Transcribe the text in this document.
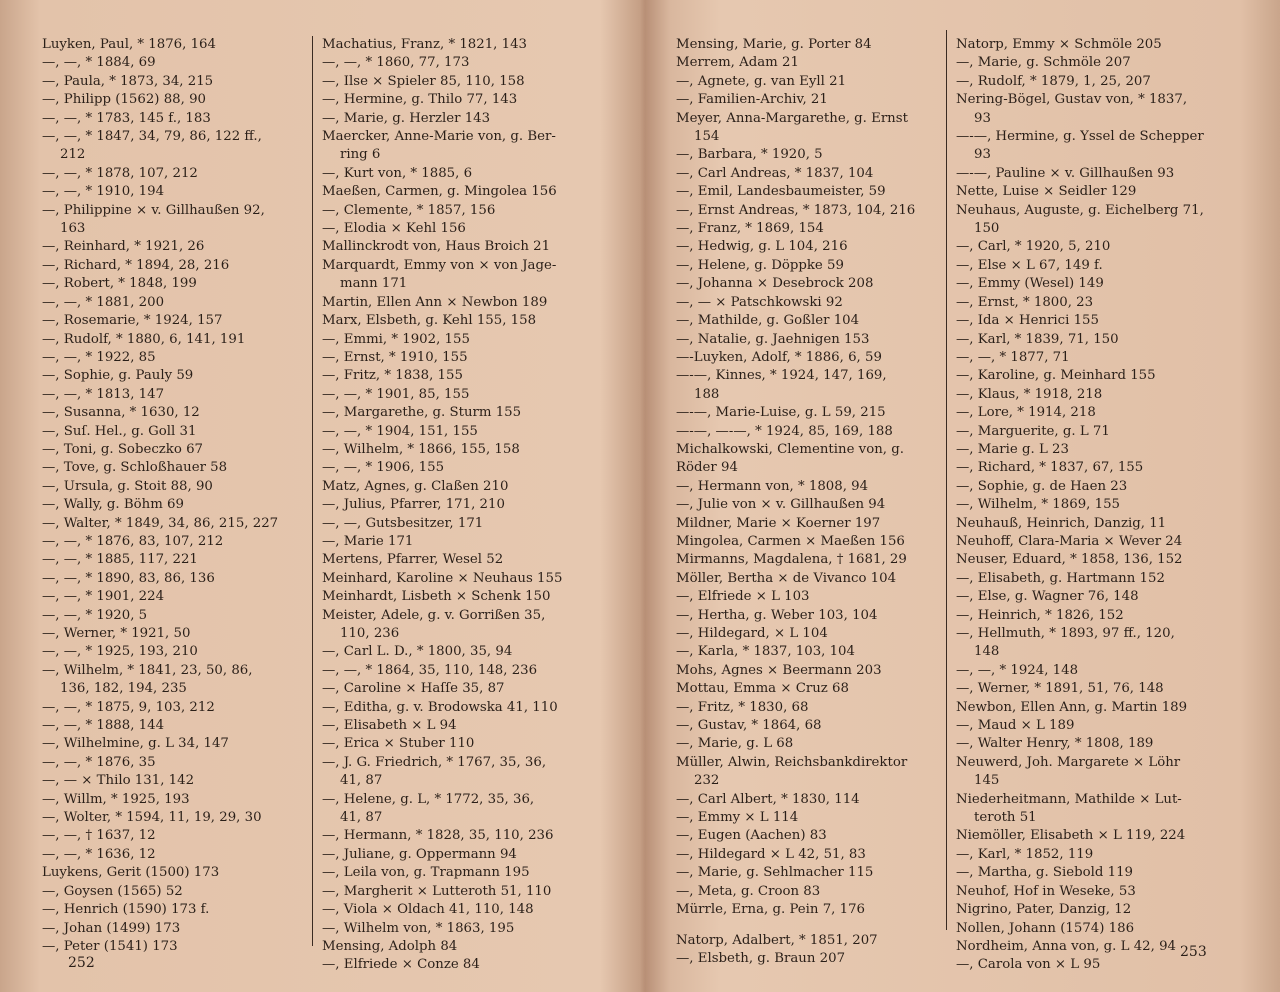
Luyken, Paul, * 1876, 164
—, —, * 1884, 69
—, Paula, * 1873, 34, 215
—, Philipp (1562) 88, 90
—, —, * 1783, 145 f., 183
—, —, * 1847, 34, 79, 86, 122 ff.,
212
—, —, * 1878, 107, 212
—, —, * 1910, 194
—, Philippine × v. Gillhaußen 92,
163
—, Reinhard, * 1921, 26
—, Richard, * 1894, 28, 216
—, Robert, * 1848, 199
—, —, * 1881, 200
—, Rosemarie, * 1924, 157
—, Rudolf, * 1880, 6, 141, 191
—, —, * 1922, 85
—, Sophie, g. Pauly 59
—, —, * 1813, 147
—, Susanna, * 1630, 12
—, Suſ. Hel., g. Goll 31
—, Toni, g. Sobeczko 67
—, Tove, g. Schloßhauer 58
—, Ursula, g. Stoit 88, 90
—, Wally, g. Böhm 69
—, Walter, * 1849, 34, 86, 215, 227
—, —, * 1876, 83, 107, 212
—, —, * 1885, 117, 221
—, —, * 1890, 83, 86, 136
—, —, * 1901, 224
—, —, * 1920, 5
—, Werner, * 1921, 50
—, —, * 1925, 193, 210
—, Wilhelm, * 1841, 23, 50, 86,
136, 182, 194, 235
—, —, * 1875, 9, 103, 212
—, —, * 1888, 144
—, Wilhelmine, g. L 34, 147
—, —, * 1876, 35
—, — × Thilo 131, 142
—, Willm, * 1925, 193
—, Wolter, * 1594, 11, 19, 29, 30
—, —, † 1637, 12
—, —, * 1636, 12
Luykens, Gerit (1500) 173
—, Goysen (1565) 52
—, Henrich (1590) 173 f.
—, Johan (1499) 173
—, Peter (1541) 173
Machatius, Franz, * 1821, 143
—, —, * 1860, 77, 173
—, Ilse × Spieler 85, 110, 158
—, Hermine, g. Thilo 77, 143
—, Marie, g. Herzler 143
Maercker, Anne-Marie von, g. Ber-
ring 6
—, Kurt von, * 1885, 6
Maeßen, Carmen, g. Mingolea 156
—, Clemente, * 1857, 156
—, Elodia × Kehl 156
Mallinckrodt von, Haus Broich 21
Marquardt, Emmy von × von Jage-
mann 171
Martin, Ellen Ann × Newbon 189
Marx, Elsbeth, g. Kehl 155, 158
—, Emmi, * 1902, 155
—, Ernst, * 1910, 155
—, Fritz, * 1838, 155
—, —, * 1901, 85, 155
—, Margarethe, g. Sturm 155
—, —, * 1904, 151, 155
—, Wilhelm, * 1866, 155, 158
—, —, * 1906, 155
Matz, Agnes, g. Claßen 210
—, Julius, Pfarrer, 171, 210
—, —, Gutsbesitzer, 171
—, Marie 171
Mertens, Pfarrer, Wesel 52
Meinhard, Karoline × Neuhaus 155
Meinhardt, Lisbeth × Schenk 150
Meister, Adele, g. v. Gorrißen 35,
110, 236
—, Carl L. D., * 1800, 35, 94
—, —, * 1864, 35, 110, 148, 236
—, Caroline × Haſſe 35, 87
—, Editha, g. v. Brodowska 41, 110
—, Elisabeth × L 94
—, Erica × Stuber 110
—, J. G. Friedrich, * 1767, 35, 36,
41, 87
—, Helene, g. L, * 1772, 35, 36,
41, 87
—, Hermann, * 1828, 35, 110, 236
—, Juliane, g. Oppermann 94
—, Leila von, g. Trapmann 195
—, Margherit × Lutteroth 51, 110
—, Viola × Oldach 41, 110, 148
—, Wilhelm von, * 1863, 195
Mensing, Adolph 84
—, Elfriede × Conze 84
252
Mensing, Marie, g. Porter 84
Merrem, Adam 21
—, Agnete, g. van Eyll 21
—, Familien-Archiv, 21
Meyer, Anna-Margarethe, g. Ernst
154
—, Barbara, * 1920, 5
—, Carl Andreas, * 1837, 104
—, Emil, Landesbaumeister, 59
—, Ernst Andreas, * 1873, 104, 216
—, Franz, * 1869, 154
—, Hedwig, g. L 104, 216
—, Helene, g. Döppke 59
—, Johanna × Desebrock 208
—, — × Patschkowski 92
—, Mathilde, g. Goßler 104
—, Natalie, g. Jaehnigen 153
—-Luyken, Adolf, * 1886, 6, 59
—-—, Kinnes, * 1924, 147, 169,
188
—-—, Marie-Luise, g. L 59, 215
—-—, —-—, * 1924, 85, 169, 188
Michalkowski, Clementine von, g.
Röder 94
—, Hermann von, * 1808, 94
—, Julie von × v. Gillhaußen 94
Mildner, Marie × Koerner 197
Mingolea, Carmen × Maeßen 156
Mirmanns, Magdalena, † 1681, 29
Möller, Bertha × de Vivanco 104
—, Elfriede × L 103
—, Hertha, g. Weber 103, 104
—, Hildegard, × L 104
—, Karla, * 1837, 103, 104
Mohs, Agnes × Beermann 203
Mottau, Emma × Cruz 68
—, Fritz, * 1830, 68
—, Gustav, * 1864, 68
—, Marie, g. L 68
Müller, Alwin, Reichsbankdirektor
232
—, Carl Albert, * 1830, 114
—, Emmy × L 114
—, Eugen (Aachen) 83
—, Hildegard × L 42, 51, 83
—, Marie, g. Sehlmacher 115
—, Meta, g. Croon 83
Mürrle, Erna, g. Pein 7, 176
Natorp, Adalbert, * 1851, 207
—, Elsbeth, g. Braun 207
Natorp, Emmy × Schmöle 205
—, Marie, g. Schmöle 207
—, Rudolf, * 1879, 1, 25, 207
Nering-Bögel, Gustav von, * 1837,
93
—-—, Hermine, g. Yssel de Schepper
93
—-—, Pauline × v. Gillhaußen 93
Nette, Luise × Seidler 129
Neuhaus, Auguste, g. Eichelberg 71,
150
—, Carl, * 1920, 5, 210
—, Else × L 67, 149 f.
—, Emmy (Wesel) 149
—, Ernst, * 1800, 23
—, Ida × Henrici 155
—, Karl, * 1839, 71, 150
—, —, * 1877, 71
—, Karoline, g. Meinhard 155
—, Klaus, * 1918, 218
—, Lore, * 1914, 218
—, Marguerite, g. L 71
—, Marie g. L 23
—, Richard, * 1837, 67, 155
—, Sophie, g. de Haen 23
—, Wilhelm, * 1869, 155
Neuhauß, Heinrich, Danzig, 11
Neuhoff, Clara-Maria × Wever 24
Neuser, Eduard, * 1858, 136, 152
—, Elisabeth, g. Hartmann 152
—, Else, g. Wagner 76, 148
—, Heinrich, * 1826, 152
—, Hellmuth, * 1893, 97 ff., 120,
148
—, —, * 1924, 148
—, Werner, * 1891, 51, 76, 148
Newbon, Ellen Ann, g. Martin 189
—, Maud × L 189
—, Walter Henry, * 1808, 189
Neuwerd, Joh. Margarete × Löhr
145
Niederheitmann, Mathilde × Lut-
teroth 51
Niemöller, Elisabeth × L 119, 224
—, Karl, * 1852, 119
—, Martha, g. Siebold 119
Neuhof, Hof in Weseke, 53
Nigrino, Pater, Danzig, 12
Nollen, Johann (1574) 186
Nordheim, Anna von, g. L 42, 94
—, Carola von × L 95
253
